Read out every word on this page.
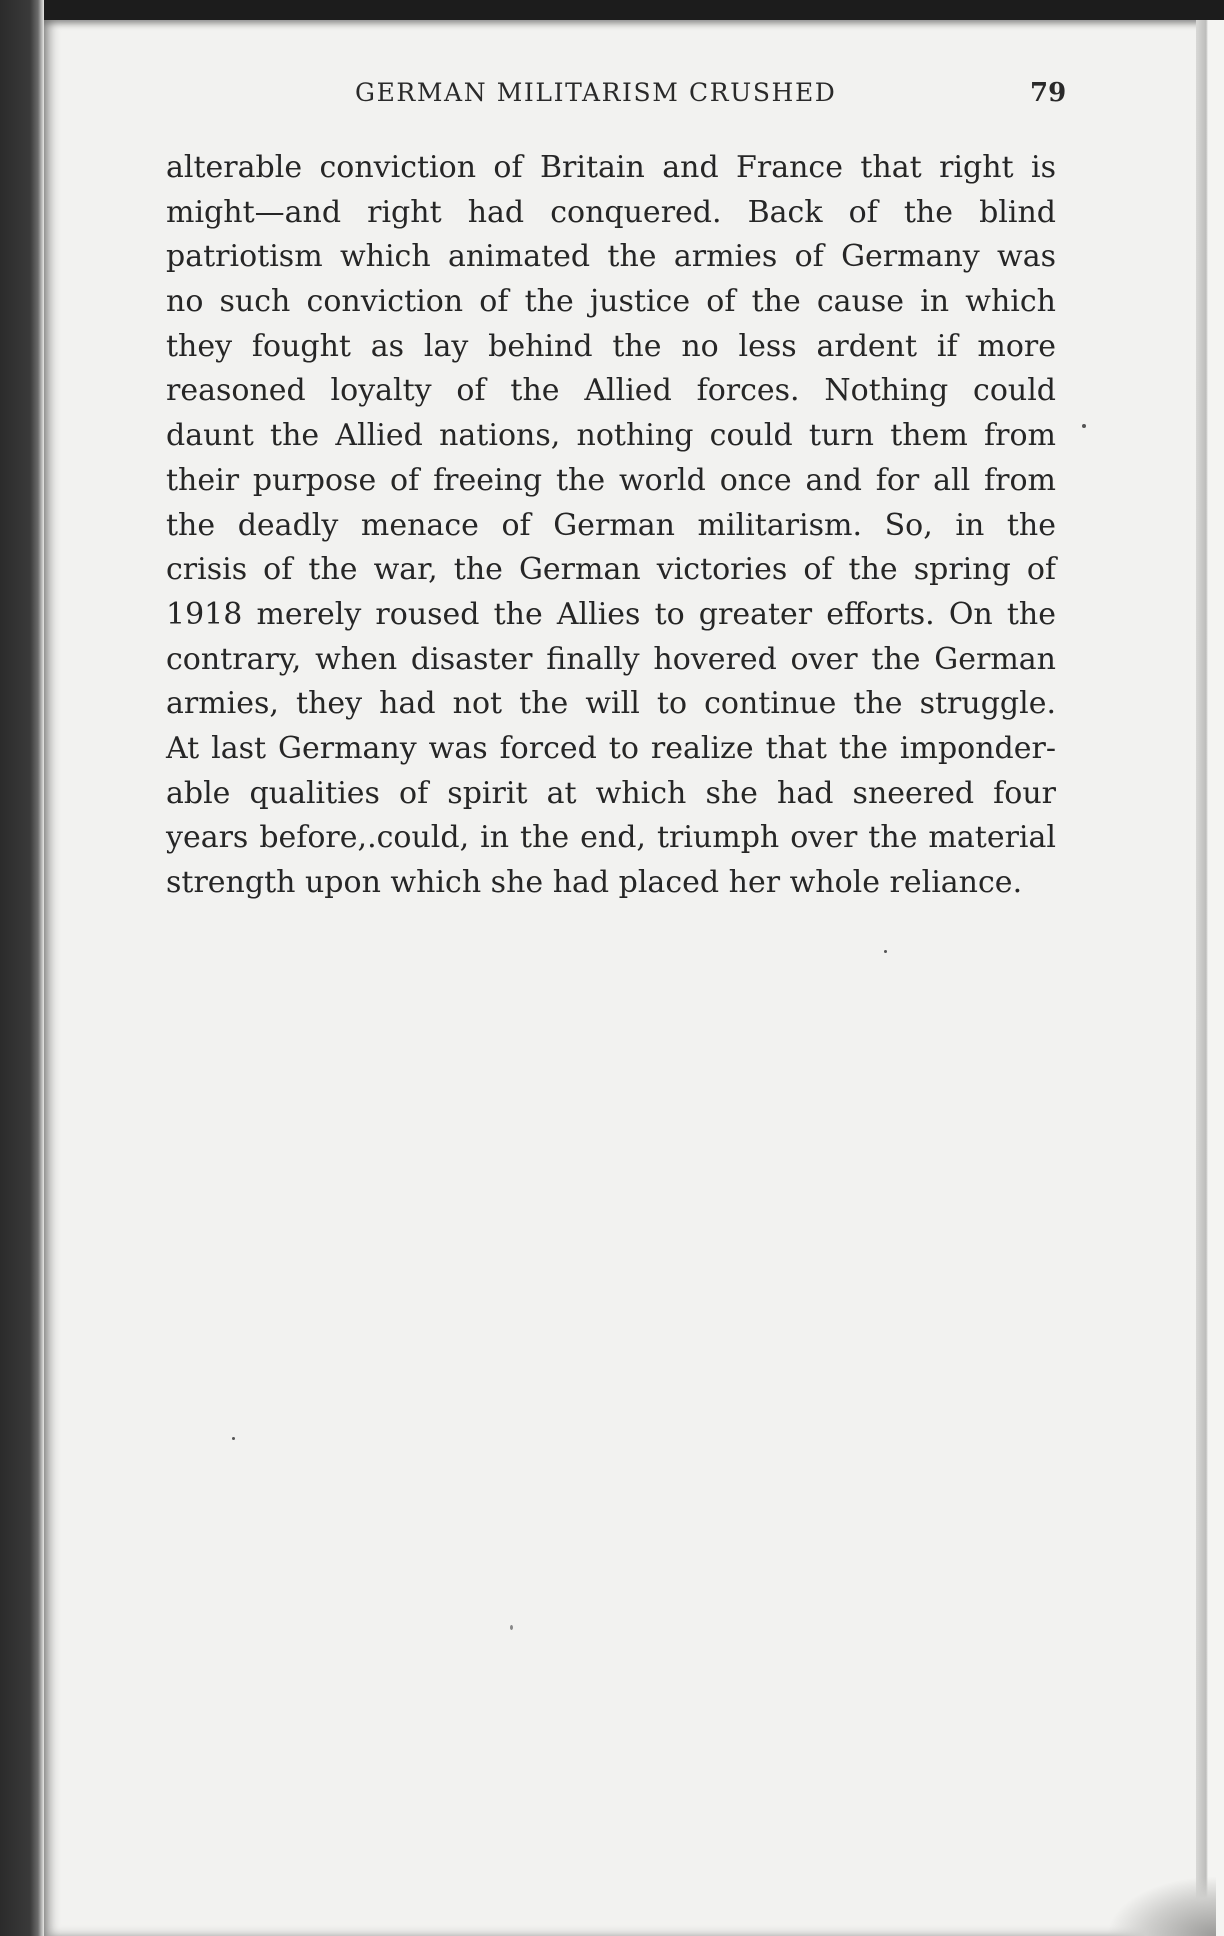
GERMAN MILITARISM CRUSHED	79
alterable conviction of Britain and France that right is
might—and right had conquered. Back of the blind
patriotism which animated the armies of Germany was
no such conviction of the justice of the cause in which
they fought as lay behind the no less ardent if more
reasoned loyalty of the Allied forces. Nothing could
daunt the Allied nations, nothing could turn them from
their purpose of freeing the world once and for all from
the deadly menace of German militarism. So, in the
crisis of the war, the German victories of the spring of
1918 merely roused the Allies to greater efforts. On the
contrary, when disaster finally hovered over the German
armies, they had not the will to continue the struggle.
At last Germany was forced to realize that the imponder-
able qualities of spirit at which she had sneered four
years before,.could, in the end, triumph over the material
strength upon which she had placed her whole reliance.
